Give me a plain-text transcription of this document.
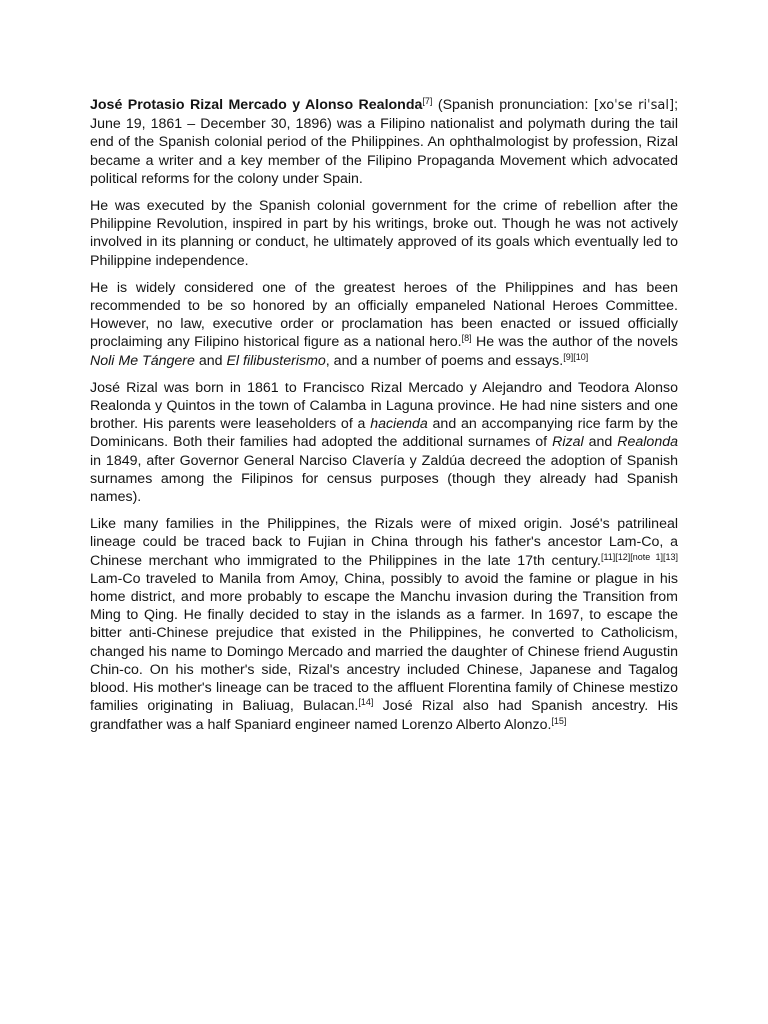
José Protasio Rizal Mercado y Alonso Realonda[7] (Spanish pronunciation: [xoˈse riˈsal]; June 19, 1861 – December 30, 1896) was a Filipino nationalist and polymath during the tail end of the Spanish colonial period of the Philippines. An ophthalmologist by profession, Rizal became a writer and a key member of the Filipino Propaganda Movement which advocated political reforms for the colony under Spain.

He was executed by the Spanish colonial government for the crime of rebellion after the Philippine Revolution, inspired in part by his writings, broke out. Though he was not actively involved in its planning or conduct, he ultimately approved of its goals which eventually led to Philippine independence.

He is widely considered one of the greatest heroes of the Philippines and has been recommended to be so honored by an officially empaneled National Heroes Committee. However, no law, executive order or proclamation has been enacted or issued officially proclaiming any Filipino historical figure as a national hero.[8] He was the author of the novels Noli Me Tángere and El filibusterismo, and a number of poems and essays.[9][10]

José Rizal was born in 1861 to Francisco Rizal Mercado y Alejandro and Teodora Alonso Realonda y Quintos in the town of Calamba in Laguna province. He had nine sisters and one brother. His parents were leaseholders of a hacienda and an accompanying rice farm by the Dominicans. Both their families had adopted the additional surnames of Rizal and Realonda in 1849, after Governor General Narciso Clavería y Zaldúa decreed the adoption of Spanish surnames among the Filipinos for census purposes (though they already had Spanish names).

Like many families in the Philippines, the Rizals were of mixed origin. José's patrilineal lineage could be traced back to Fujian in China through his father's ancestor Lam-Co, a Chinese merchant who immigrated to the Philippines in the late 17th century.[11][12][note 1][13] Lam-Co traveled to Manila from Amoy, China, possibly to avoid the famine or plague in his home district, and more probably to escape the Manchu invasion during the Transition from Ming to Qing. He finally decided to stay in the islands as a farmer. In 1697, to escape the bitter anti-Chinese prejudice that existed in the Philippines, he converted to Catholicism, changed his name to Domingo Mercado and married the daughter of Chinese friend Augustin Chin-co. On his mother's side, Rizal's ancestry included Chinese, Japanese and Tagalog blood. His mother's lineage can be traced to the affluent Florentina family of Chinese mestizo families originating in Baliuag, Bulacan.[14] José Rizal also had Spanish ancestry. His grandfather was a half Spaniard engineer named Lorenzo Alberto Alonzo.[15]
